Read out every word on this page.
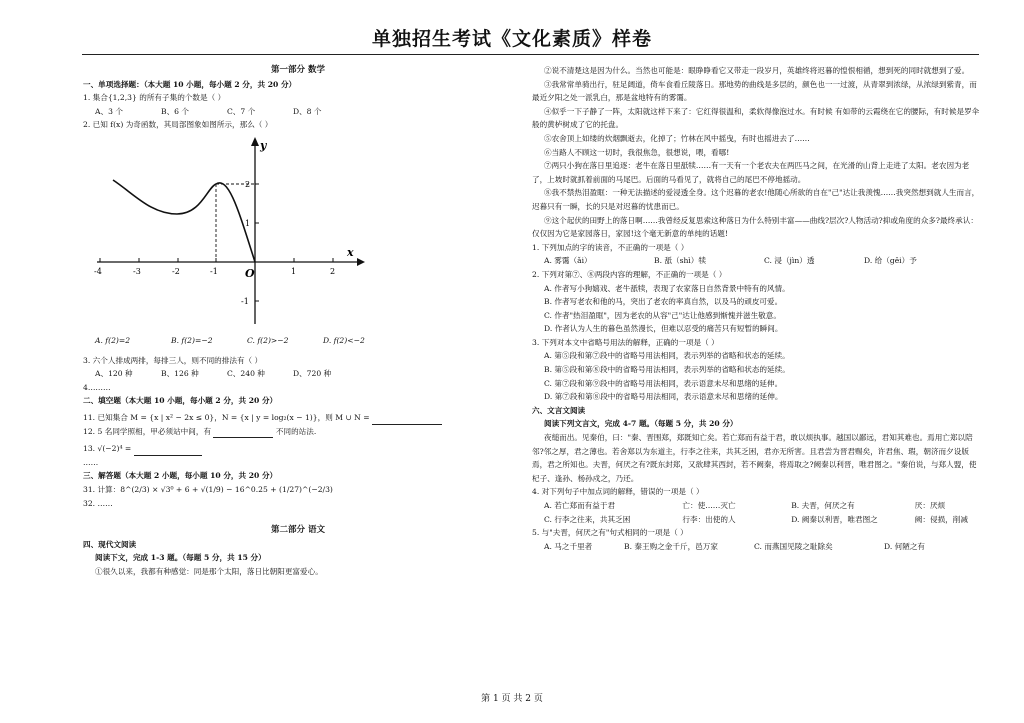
单独招生考试《文化素质》样卷
第一部分 数学
一、单项选择题：（本大题 10 小题，每小题 2 分，共 20 分）
1. 集合{1,2,3} 的所有子集的个数是（ ）
A、3 个	B、6 个	C、7 个	D、8 个
2. 已知 f(x) 为奇函数，其局部图象如图所示，那么（ ）
-4	-3	-2	-1	1	2
2
1
-1
x
y
O
A. f(2)=2	B. f(2)=−2	C. f(2)>−2	D. f(2)<−2
3. 六个人排成两排，每排三人，则不同的排法有（ ）
A、120 种	B、126 种	C、240 种	D、720 种
4………
二、填空题（本大题 10 小题，每小题 2 分，共 20 分）
11. 已知集合 M = {x | x² − 2x ≤ 0}，N = {x | y = log₂(x − 1)}，则 M ∪ N =
12. 5 名同学照相，甲必须站中间，有	不同的站法.
13. √(−2)⁴ =
……
三、解答题（本大题 2 小题，每小题 10 分，共 20 分）
31. 计算：8^(2/3) × √3⁰ + 6 + √(1/9) − 16^0.25 + (1/27)^(−2/3)
32. ……
第二部分 语文
四、现代文阅读
阅读下文，完成 1-3 题。（每题 5 分，共 15 分）
①很久以来，我都有种感觉：同是那个太阳，落日比朝阳更富爱心。
②说不清楚这是因为什么。当然也可能是：眼睁睁看它又带走一段岁月，英雄终将迟暮的惶恨相循，想到死的同时就想到了爱。
③我常常单骑出行，驻足阔道，倚车食看丘陵落日。那地势的曲线是多层的，颜色也一一过渡，从青翠到浓绿，从浓绿到紫青，而最近夕阳之处一派乳白，那是盆地特有的雾霭。
④似乎一下子静了一阵，太阳就这样下来了：它红得很温和，柔软得像泡过水。有时候 有如带的云霞绕在它的腰际，有时候是罗伞般的黄栌树成了它的托盘。
⑤农舍顶上如缕的炊烟飘逝去，化掉了；竹林在风中摇曳，有时也摇进去了……
⑥当路人不顾这一切时，我很焦急，很想说，喂，看哪!
⑦两只小狗在落日里追逐：老牛在落日里舐犊……有一天有一个老农夫在两匹马之间，在光滑的山背上走进了太阳。老农因为老了，上坡时就抓着前面的马尾巴。后面的马看见了，就将自己的尾巴不停地摇动。
⑧我不禁热泪盈眶：一种无法描述的爱浸透全身。这个迟暮的老农!他随心所欲的自在"己"达让我羡愧……我突然想到就人生而言，迟暮只有一瞬，长的只是对迟暮的忧患而已。
⑨这个起伏的田野上的落日啊……我曾经反复思索这种落日为什么特别丰富——曲线?层次?人物活动?抑或角度的众多?最终承认：仅仅因为它是家园落日，家园!这个毫无新意的单纯的话题!
1. 下列加点的字的读音，不正确的一项是（ ）
A. 雾霭（ǎi）	B. 舐（shì）犊	C. 浸（jìn）透	D. 给（gěi）予
2. 下列对第⑦、⑧两段内容的理解，不正确的一项是（ ）
A. 作者写小狗嬉戏、老牛舐犊，表现了农家落日自然背景中特有的风情。
B. 作者写老农和他的马，突出了老农的率真自然，以及马的顽皮可爱。
C. 作者"热泪盈眶"，因为老农的从容"己"达让他感到惭愧并滋生敬意。
D. 作者认为人生的暮色虽然漫长，但难以忍受的痛苦只有短暂的瞬间。
3. 下列对本文中省略号用法的解释，正确的一项是（ ）
A. 第⑤段和第⑦段中的省略号用法相同，表示列举的省略和状态的延续。
B. 第⑤段和第⑧段中的省略号用法相同，表示列举的省略和状态的延续。
C. 第⑦段和第⑨段中的省略号用法相同，表示语意未尽和思绪的延伸。
D. 第⑦段和第⑧段中的省略号用法相同，表示语意未尽和思绪的延伸。
六、文言文阅读
阅读下列文言文，完成 4-7 题。（每题 5 分，共 20 分）
夜缒而出。见秦伯，曰："秦、晋围郑，郑既知亡矣。若亡郑而有益于君，敢以烦执事。越国以鄙远，君知其难也。焉用亡郑以陪邻?邻之厚，君之薄也。若舍郑以为东道主，行李之往来，共其乏困，君亦无所害。且君尝为晋君赐矣，许君焦、瑕，朝济而夕设版焉，君之所知也。夫晋，何厌之有?既东封郑，又欲肆其西封，若不阙秦，将焉取之?阙秦以利晋，唯君图之。"秦伯说，与郑人盟，使杞子、逢孙、杨孙戍之，乃还。
4. 对下列句子中加点词的解释，错误的一项是（ ）
A. 若亡郑而有益于君	亡：使……灭亡	B. 夫晋，何厌之有	厌：厌烦
C. 行李之往来，共其乏困	行李：出使的人	D. 阙秦以利晋，唯君图之	阙：侵损，削减
5. 与"夫晋，何厌之有"句式相同的一项是（ ）
A. 马之千里者	B. 秦王购之金千斤，邑万家	C. 而燕国见陵之耻除矣	D. 何陋之有
第 1 页 共 2 页
